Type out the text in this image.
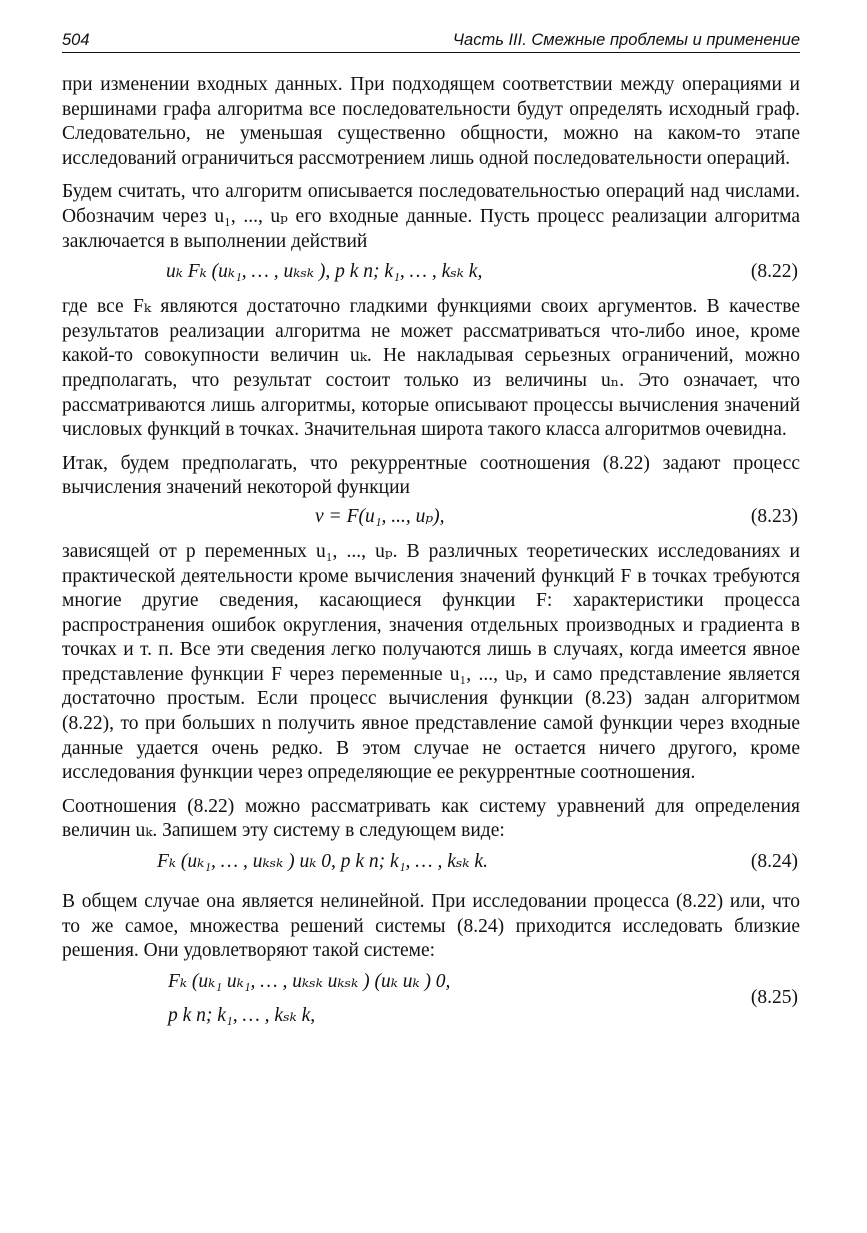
504	Часть III. Смежные проблемы и применение

при изменении входных данных. При подходящем соответствии между операциями и вершинами графа алгоритма все последовательности будут определять исходный граф. Следовательно, не уменьшая существенно общности, можно на каком-то этапе исследований ограничиться рассмотрением лишь одной последовательности операций.

Будем считать, что алгоритм описывается последовательностью операций над числами. Обозначим через u₁, ..., uₚ его входные данные. Пусть процесс реализации алгоритма заключается в выполнении действий

uₖ Fₖ (uₖ₁, … , uₖₛₖ ), p k n; k₁, … , kₛₖ k,	(8.22)

где все Fₖ являются достаточно гладкими функциями своих аргументов. В качестве результатов реализации алгоритма не может рассматриваться что-либо иное, кроме какой-то совокупности величин uₖ. Не накладывая серьезных ограничений, можно предполагать, что результат состоит только из величины uₙ. Это означает, что рассматриваются лишь алгоритмы, которые описывают процессы вычисления значений числовых функций в точках. Значительная широта такого класса алгоритмов очевидна.

Итак, будем предполагать, что рекуррентные соотношения (8.22) задают процесс вычисления значений некоторой функции

v = F(u₁, ..., uₚ),	(8.23)

зависящей от p переменных u₁, ..., uₚ. В различных теоретических исследованиях и практической деятельности кроме вычисления значений функций F в точках требуются многие другие сведения, касающиеся функции F: характеристики процесса распространения ошибок округления, значения отдельных производных и градиента в точках и т. п. Все эти сведения легко получаются лишь в случаях, когда имеется явное представление функции F через переменные u₁, ..., uₚ, и само представление является достаточно простым. Если процесс вычисления функции (8.23) задан алгоритмом (8.22), то при больших n получить явное представление самой функции через входные данные удается очень редко. В этом случае не остается ничего другого, кроме исследования функции через определяющие ее рекуррентные соотношения.

Соотношения (8.22) можно рассматривать как систему уравнений для определения величин uₖ. Запишем эту систему в следующем виде:

Fₖ (uₖ₁, … , uₖₛₖ ) uₖ 0, p k n; k₁, … , kₛₖ k.	(8.24)

В общем случае она является нелинейной. При исследовании процесса (8.22) или, что то же самое, множества решений системы (8.24) приходится исследовать близкие решения. Они удовлетворяют такой системе:

Fₖ (uₖ₁ uₖ₁, … , uₖₛₖ uₖₛₖ ) (uₖ uₖ ) 0,
p k n; k₁, … , kₛₖ k,
(8.25)
